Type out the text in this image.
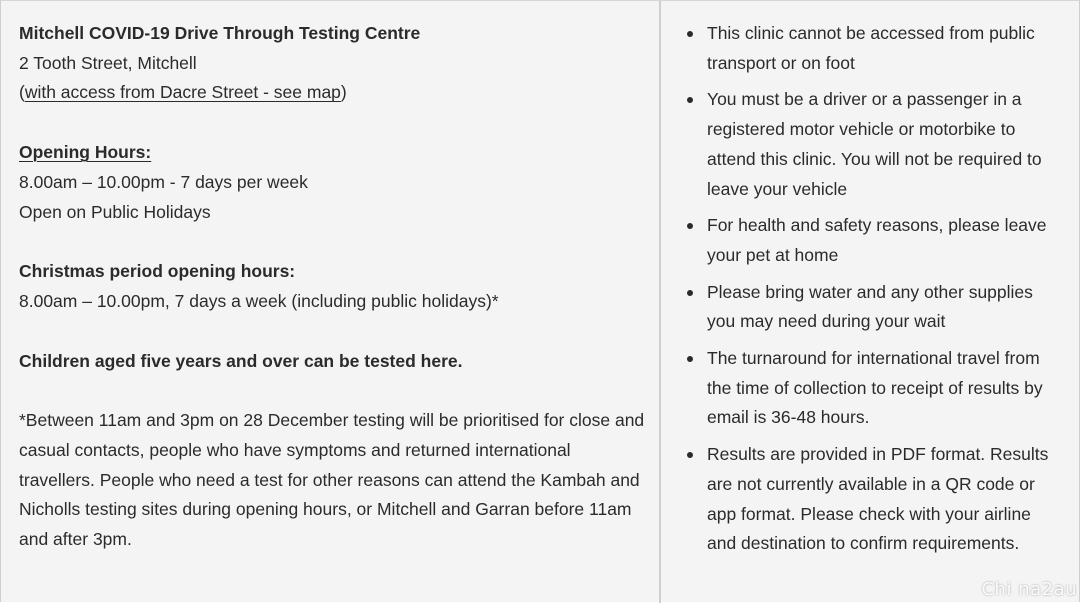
Mitchell COVID-19 Drive Through Testing Centre

2 Tooth Street, Mitchell

(with access from Dacre Street - see map)

Opening Hours:

8.00am – 10.00pm - 7 days per week

Open on Public Holidays

Christmas period opening hours:

8.00am – 10.00pm, 7 days a week (including public holidays)*

Children aged five years and over can be tested here.

*Between 11am and 3pm on 28 December testing will be prioritised for close and casual contacts, people who have symptoms and returned international travellers. People who need a test for other reasons can attend the Kambah and Nicholls testing sites during opening hours, or Mitchell and Garran before 11am and after 3pm.

This clinic cannot be accessed from public transport or on foot
You must be a driver or a passenger in a registered motor vehicle or motorbike to attend this clinic. You will not be required to leave your vehicle
For health and safety reasons, please leave your pet at home
Please bring water and any other supplies you may need during your wait
The turnaround for international travel from the time of collection to receipt of results by email is 36-48 hours.
Results are provided in PDF format. Results are not currently available in a QR code or app format. Please check with your airline and destination to confirm requirements.
Chi na2au
